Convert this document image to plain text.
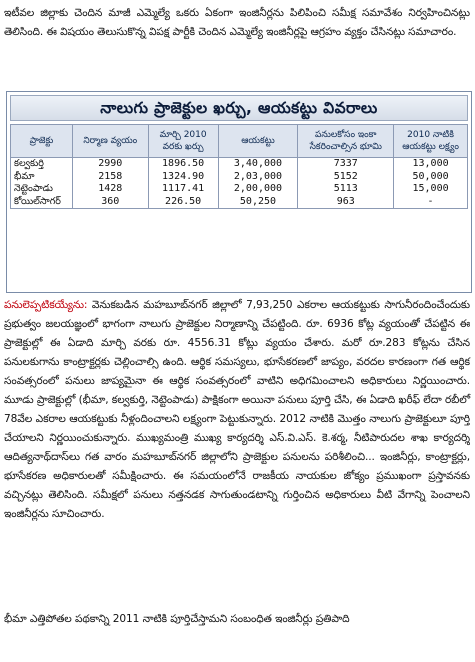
ఇటీవల జిల్లాకు చెందిన మాజీ ఎమ్మెల్యే ఒకరు ఏకంగా ఇంజినీర్లను పిలిపించి సమీక్ష సమావేశం నిర్వహించినట్లు తెలిసింది. ఈ విషయం తెలుసుకొన్న విపక్ష పార్టీకి చెందిన ఎమ్మెల్యే ఇంజినీర్లపై ఆగ్రహం వ్యక్తం చేసినట్లు సమాచారం.

నాలుగు ప్రాజెక్టుల ఖర్చు, ఆయకట్టు వివరాలు
ప్రాజెక్టు	నిర్మాణ వ్యయం	మార్చి 2010 వరకు ఖర్చు	ఆయకట్టు	పనులకోసం ఇంకా సేకరించాల్సిన భూమి	2010 నాటికి ఆయకట్టు లక్ష్యం
కల్వకుర్తి	2990	1896.50	3,40,000	7337	13,000
భీమా	2158	1324.90	2,03,000	5152	50,000
నెట్టెంపాడు	1428	1117.41	2,00,000	5113	15,000
కోయిల్‌సాగర్	360	226.50	50,250	963	-

పనులెప్పటికయ్యేను: వెనుకబడిన మహబూబ్‌నగర్ జిల్లాలో 7,93,250 ఎకరాల ఆయకట్టుకు సాగునీరందించేందుకు ప్రభుత్వం జలయజ్ఞంలో భాగంగా నాలుగు ప్రాజెక్టుల నిర్మాణాన్ని చేపట్టింది. రూ. 6936 కోట్ల వ్యయంతో చేపట్టిన ఈ ప్రాజెక్టుల్లో ఈ ఏడాది మార్చి వరకు రూ. 4556.31 కోట్లు వ్యయం చేశారు. మరో రూ.283 కోట్లను చేసిన పనులకుగాను కాంట్రాక్టర్లకు చెల్లించాల్సి ఉంది. ఆర్థిక సమస్యలు, భూసేకరణలో జాప్యం, వరదల కారణంగా గత ఆర్థిక సంవత్సరంలో పనులు జాప్యమైనా ఈ ఆర్థిక సంవత్సరంలో వాటిని అధిగమించాలని అధికారులు నిర్ణయించారు. మూడు ప్రాజెక్టుల్లో (భీమా, కల్వకుర్తి, నెట్టెంపాడు) పాక్షికంగా అయినా పనులు పూర్తి చేసి, ఈ ఏడాది ఖరీఫ్ లేదా రబీలో 78వేల ఎకరాల ఆయకట్టుకు నీళ్లందించాలని లక్ష్యంగా పెట్టుకున్నారు. 2012 నాటికి మొత్తం నాలుగు ప్రాజెక్టులూ పూర్తి చేయాలని నిర్ణయించుకున్నారు. ముఖ్యమంత్రి ముఖ్య కార్యదర్శి ఎస్.వి.ఎస్. కె.శర్మ, నీటిపారుదల శాఖ కార్యదర్శి ఆదిత్యనాథ్‌దాస్‌లు గత వారం మహబూబ్‌నగర్ జిల్లాలోని ప్రాజెక్టుల పనులను పరిశీలించి... ఇంజినీర్లు, కాంట్రాక్టర్లు, భూసేకరణ అధికారులతో సమీక్షించారు. ఈ సమయంలోనే రాజకీయ నాయకుల జోక్యం ప్రముఖంగా ప్రస్తావనకు వచ్చినట్లు తెలిసింది. సమీక్షలో పనులు నత్తనడక సాగుతుండటాన్ని గుర్తించిన అధికారులు వీటి వేగాన్ని పెంచాలని ఇంజినీర్లను సూచించారు.

భీమా ఎత్తిపోతల పథకాన్ని 2011 నాటికి పూర్తిచేస్తామని సంబంధిత ఇంజినీర్లు ప్రతిపాది
